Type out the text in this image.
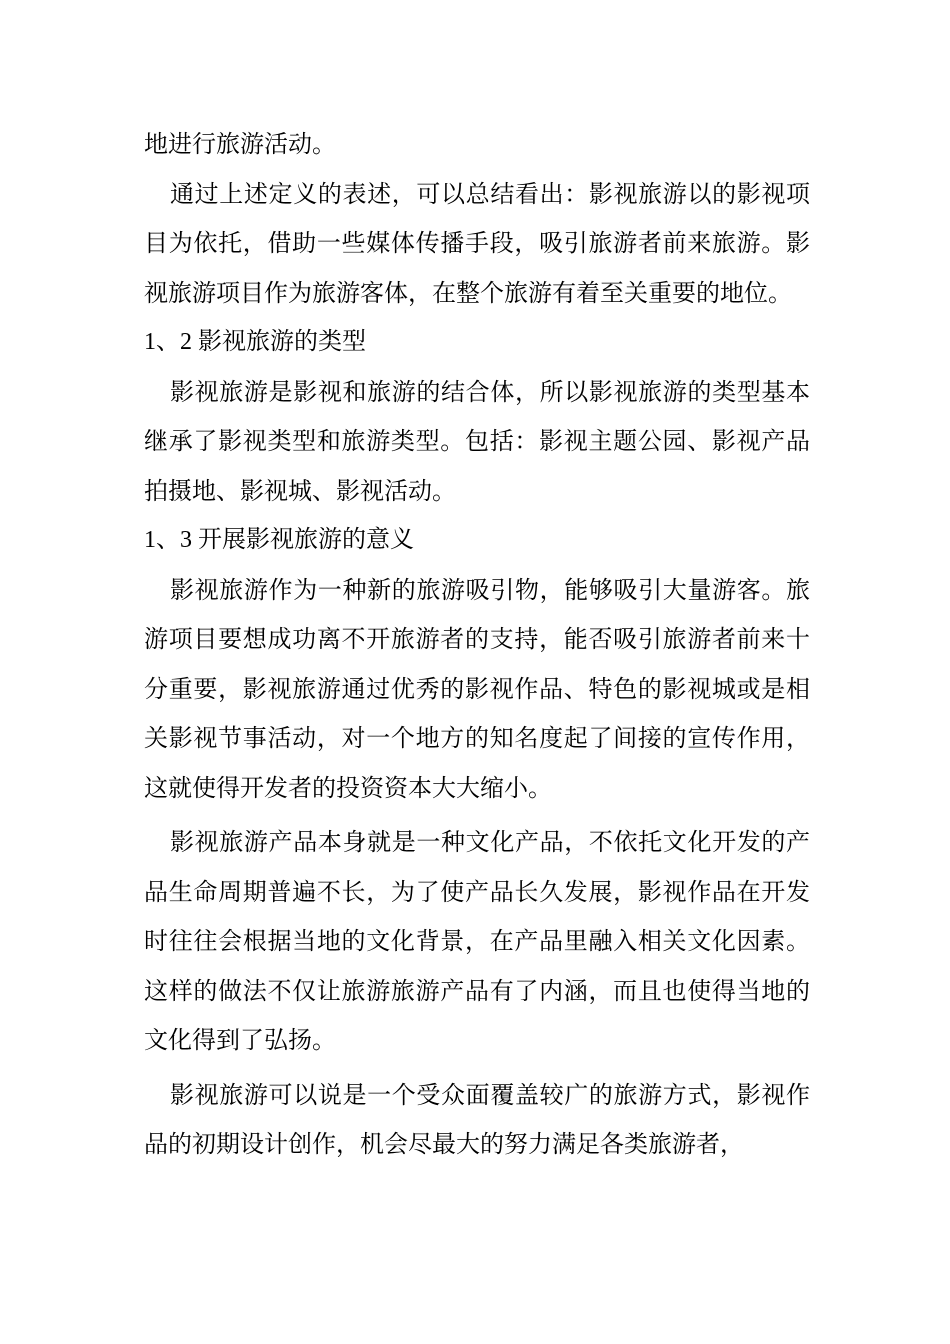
地进行旅游活动。

通过上述定义的表述，可以总结看出：影视旅游以的影视项目为依托，借助一些媒体传播手段，吸引旅游者前来旅游。影视旅游项目作为旅游客体，在整个旅游有着至关重要的地位。

1、2 影视旅游的类型

影视旅游是影视和旅游的结合体，所以影视旅游的类型基本继承了影视类型和旅游类型。包括：影视主题公园、影视产品拍摄地、影视城、影视活动。

1、3 开展影视旅游的意义

影视旅游作为一种新的旅游吸引物，能够吸引大量游客。旅游项目要想成功离不开旅游者的支持，能否吸引旅游者前来十分重要，影视旅游通过优秀的影视作品、特色的影视城或是相关影视节事活动，对一个地方的知名度起了间接的宣传作用，这就使得开发者的投资资本大大缩小。

影视旅游产品本身就是一种文化产品，不依托文化开发的产品生命周期普遍不长，为了使产品长久发展，影视作品在开发时往往会根据当地的文化背景，在产品里融入相关文化因素。这样的做法不仅让旅游旅游产品有了内涵，而且也使得当地的文化得到了弘扬。

影视旅游可以说是一个受众面覆盖较广的旅游方式，影视作品的初期设计创作，机会尽最大的努力满足各类旅游者，
